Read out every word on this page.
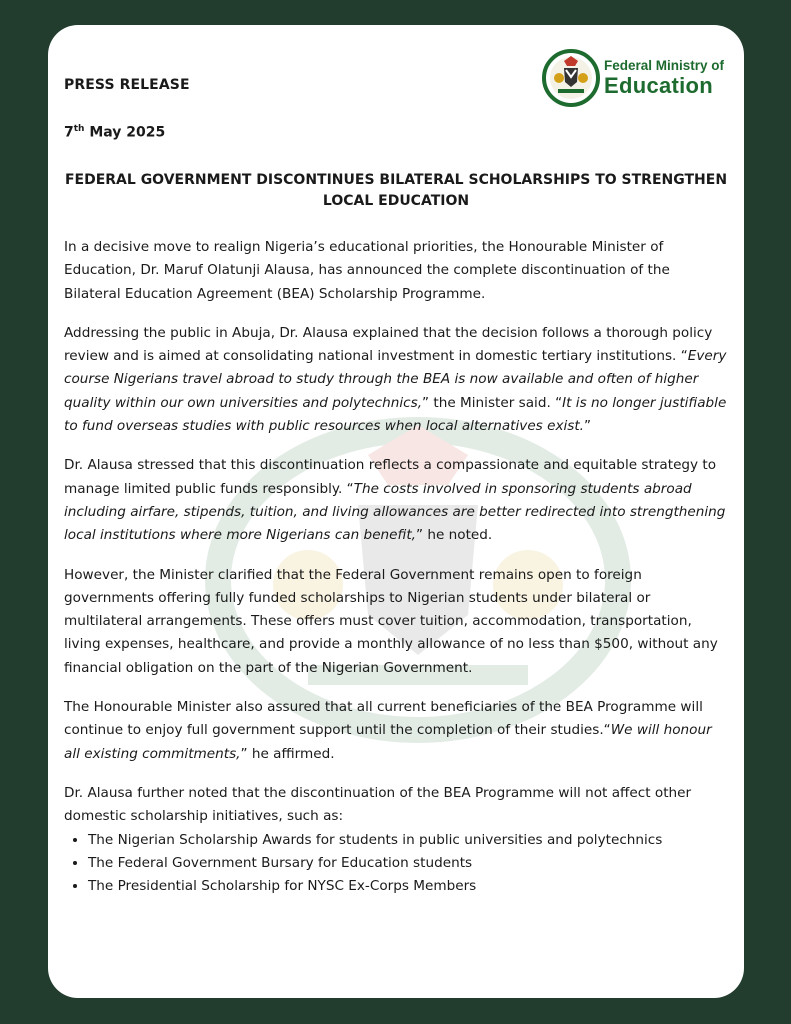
PRESS RELEASE
7th May 2025
Federal Ministry of
Education
FEDERAL GOVERNMENT DISCONTINUES BILATERAL SCHOLARSHIPS TO STRENGTHEN LOCAL EDUCATION

In a decisive move to realign Nigeria’s educational priorities, the Honourable Minister of Education, Dr. Maruf Olatunji Alausa, has announced the complete discontinuation of the Bilateral Education Agreement (BEA) Scholarship Programme.

Addressing the public in Abuja, Dr. Alausa explained that the decision follows a thorough policy review and is aimed at consolidating national investment in domestic tertiary institutions. “Every course Nigerians travel abroad to study through the BEA is now available and often of higher quality within our own universities and polytechnics,” the Minister said. “It is no longer justifiable to fund overseas studies with public resources when local alternatives exist.”

Dr. Alausa stressed that this discontinuation reflects a compassionate and equitable strategy to manage limited public funds responsibly. “The costs involved in sponsoring students abroad including airfare, stipends, tuition, and living allowances are better redirected into strengthening local institutions where more Nigerians can benefit,” he noted.

However, the Minister clarified that the Federal Government remains open to foreign governments offering fully funded scholarships to Nigerian students under bilateral or multilateral arrangements. These offers must cover tuition, accommodation, transportation, living expenses, healthcare, and provide a monthly allowance of no less than $500, without any financial obligation on the part of the Nigerian Government.

The Honourable Minister also assured that all current beneficiaries of the BEA Programme will continue to enjoy full government support until the completion of their studies.“We will honour all existing commitments,” he affirmed.

Dr. Alausa further noted that the discontinuation of the BEA Programme will not affect other domestic scholarship initiatives, such as:

• The Nigerian Scholarship Awards for students in public universities and polytechnics
• The Federal Government Bursary for Education students
• The Presidential Scholarship for NYSC Ex-Corps Members
